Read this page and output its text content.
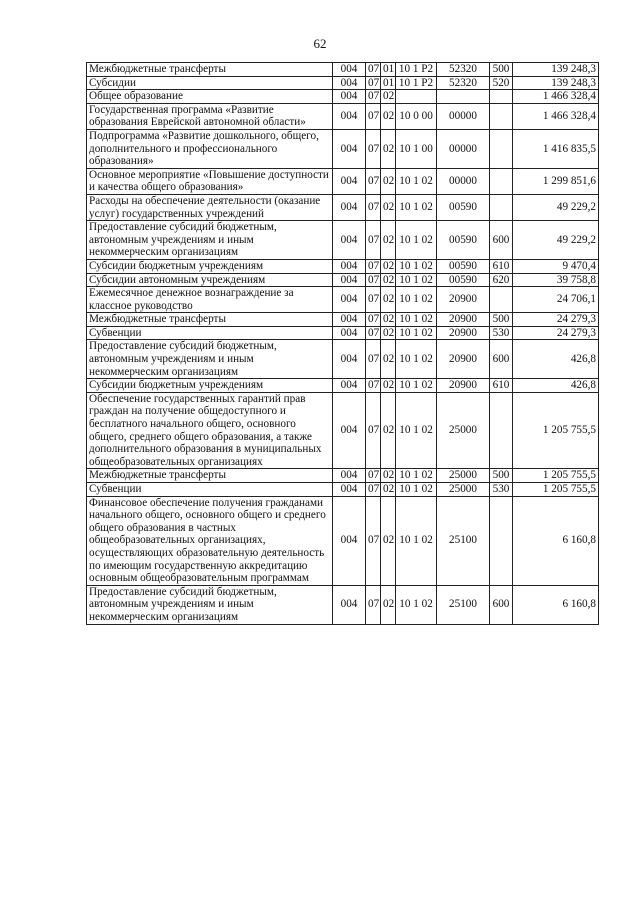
62
Межбюджетные трансферты	004	07	01	10 1 Р2	52320	500	139 248,3
Субсидии	004	07	01	10 1 Р2	52320	520	139 248,3
Общее образование	004	07	02				1 466 328,4
Государственная программа «Развитие образования Еврейской автономной области»	004	07	02	10 0 00	00000		1 466 328,4
Подпрограмма «Развитие дошкольного, общего, дополнительного и профессионального образования»	004	07	02	10 1 00	00000		1 416 835,5
Основное мероприятие «Повышение доступности и качества общего образования»	004	07	02	10 1 02	00000		1 299 851,6
Расходы на обеспечение деятельности (оказание услуг) государственных учреждений	004	07	02	10 1 02	00590		49 229,2
Предоставление субсидий бюджетным, автономным учреждениям и иным некоммерческим организациям	004	07	02	10 1 02	00590	600	49 229,2
Субсидии бюджетным учреждениям	004	07	02	10 1 02	00590	610	9 470,4
Субсидии автономным учреждениям	004	07	02	10 1 02	00590	620	39 758,8
Ежемесячное денежное вознаграждение за классное руководство	004	07	02	10 1 02	20900		24 706,1
Межбюджетные трансферты	004	07	02	10 1 02	20900	500	24 279,3
Субвенции	004	07	02	10 1 02	20900	530	24 279,3
Предоставление субсидий бюджетным, автономным учреждениям и иным некоммерческим организациям	004	07	02	10 1 02	20900	600	426,8
Субсидии бюджетным учреждениям	004	07	02	10 1 02	20900	610	426,8
Обеспечение государственных гарантий прав граждан на получение общедоступного и бесплатного начального общего, основного общего, среднего общего образования, а также дополнительного образования в муниципальных общеобразовательных организациях	004	07	02	10 1 02	25000		1 205 755,5
Межбюджетные трансферты	004	07	02	10 1 02	25000	500	1 205 755,5
Субвенции	004	07	02	10 1 02	25000	530	1 205 755,5
Финансовое обеспечение получения гражданами начального общего, основного общего и среднего общего образования в частных общеобразовательных организациях, осуществляющих образовательную деятельность по имеющим государственную аккредитацию основным общеобразовательным программам	004	07	02	10 1 02	25100		6 160,8
Предоставление субсидий бюджетным, автономным учреждениям и иным некоммерческим организациям	004	07	02	10 1 02	25100	600	6 160,8
